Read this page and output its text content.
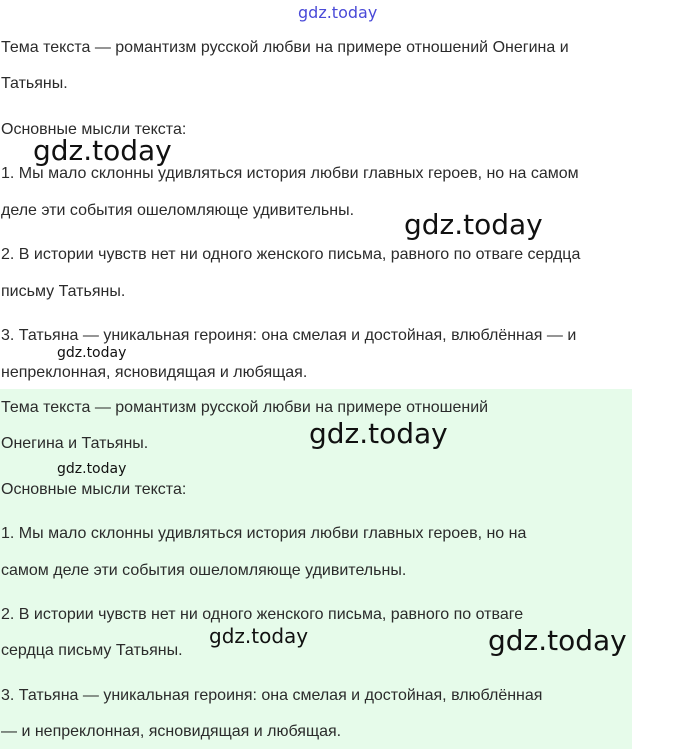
gdz.today
Тема текста — романтизм русской любви на примере отношений Онегина и
Татьяны.
Основные мысли текста:
1. Мы мало склонны удивляться история любви главных героев, но на самом
деле эти события ошеломляюще удивительны.
2. В истории чувств нет ни одного женского письма, равного по отваге сердца
письму Татьяны.
3. Татьяна — уникальная героиня: она смелая и достойная, влюблённая — и
непреклонная, ясновидящая и любящая.
Тема текста — романтизм русской любви на примере отношений
Онегина и Татьяны.
Основные мысли текста:
1. Мы мало склонны удивляться история любви главных героев, но на
самом деле эти события ошеломляюще удивительны.
2. В истории чувств нет ни одного женского письма, равного по отваге
сердца письму Татьяны.
3. Татьяна — уникальная героиня: она смелая и достойная, влюблённая
— и непреклонная, ясновидящая и любящая.
gdz.today
gdz.today
gdz.today
gdz.today
gdz.today
gdz.today	gdz.today
